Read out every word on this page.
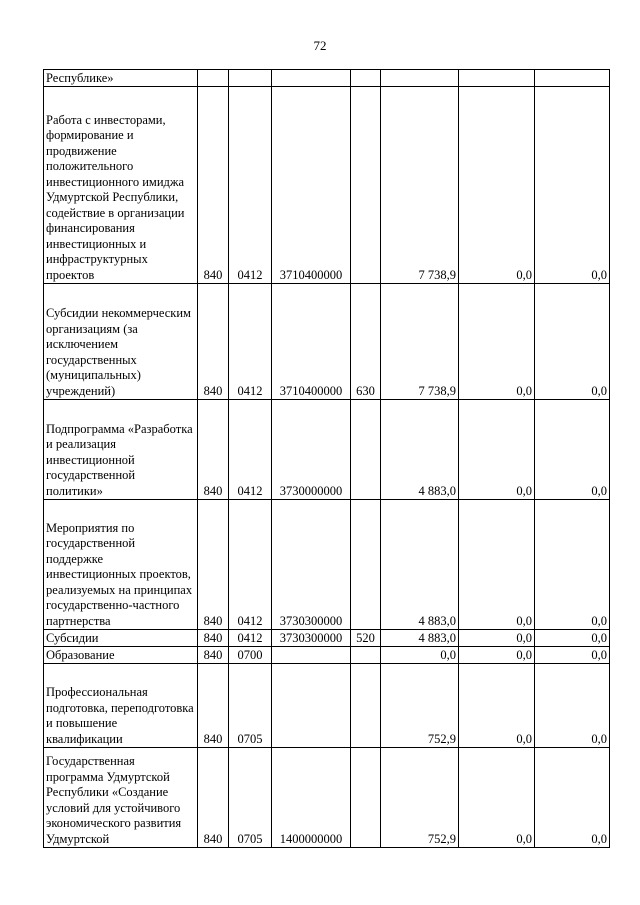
72
Республике»							
Работа с инвесторами, формирование и продвижение положительного инвестиционного имиджа Удмуртской Республики, содействие в организации финансирования инвестиционных и инфраструктурных проектов	840	0412	3710400000		7 738,9	0,0	0,0
Субсидии некоммерческим организациям (за исключением государственных (муниципальных) учреждений)	840	0412	3710400000	630	7 738,9	0,0	0,0
Подпрограмма «Разработка и реализация инвестиционной государственной политики»	840	0412	3730000000		4 883,0	0,0	0,0
Мероприятия по государственной поддержке инвестиционных проектов, реализуемых на принципах государственно-частного партнерства	840	0412	3730300000		4 883,0	0,0	0,0
Субсидии	840	0412	3730300000	520	4 883,0	0,0	0,0
Образование	840	0700			0,0	0,0	0,0
Профессиональная подготовка, переподготовка и повышение квалификации	840	0705			752,9	0,0	0,0
Государственная программа Удмуртской Республики «Создание условий для устойчивого экономического развития Удмуртской	840	0705	1400000000		752,9	0,0	0,0
